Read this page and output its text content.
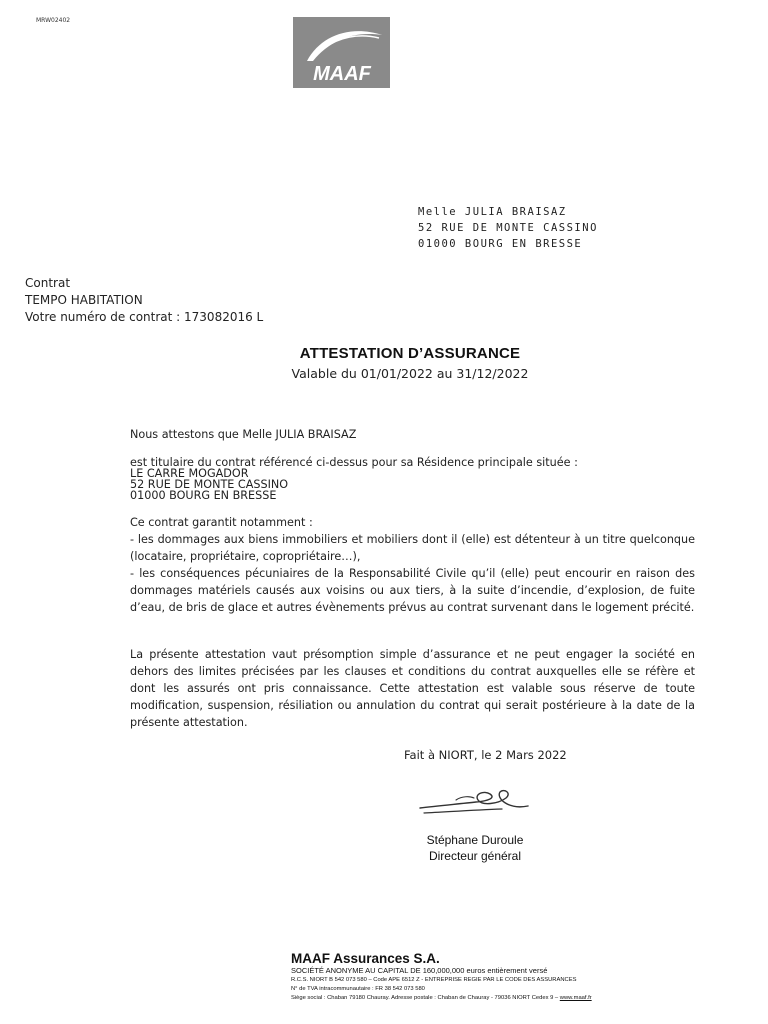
MRW02402
MAAF
Melle JULIA BRAISAZ
52 RUE DE MONTE CASSINO
01000 BOURG EN BRESSE
Contrat
TEMPO HABITATION
Votre numéro de contrat : 173082016 L
ATTESTATION D’ASSURANCE
Valable du 01/01/2022 au 31/12/2022
Nous attestons que Melle JULIA BRAISAZ
est titulaire du contrat référencé ci-dessus pour sa Résidence principale située :
LE CARRE MOGADOR
52 RUE DE MONTE CASSINO
01000 BOURG EN BRESSE
Ce contrat garantit notamment :
- les dommages aux biens immobiliers et mobiliers dont il (elle) est détenteur à un titre quelconque (locataire, propriétaire, copropriétaire…),
- les conséquences pécuniaires de la Responsabilité Civile qu’il (elle) peut encourir en raison des dommages matériels causés aux voisins ou aux tiers, à la suite d’incendie, d’explosion, de fuite d’eau, de bris de glace et autres évènements prévus au contrat survenant dans le logement précité.
La présente attestation vaut présomption simple d’assurance et ne peut engager la société en dehors des limites précisées par les clauses et conditions du contrat auxquelles elle se réfère et dont les assurés ont pris connaissance. Cette attestation est valable sous réserve de toute modification, suspension, résiliation ou annulation du contrat qui serait postérieure à la date de la présente attestation.
Fait à NIORT, le 2 Mars 2022
Stéphane Duroule
Directeur général
MAAF Assurances S.A.
SOCIÉTÉ ANONYME AU CAPITAL DE 160,000,000 euros entièrement versé
R.C.S. NIORT B 542 073 580 – Code APE 6512 Z - ENTREPRISE REGIE PAR LE CODE DES ASSURANCES
N° de TVA intracommunautaire : FR 38 542 073 580
Siège social : Chaban 79180 Chauray. Adresse postale : Chaban de Chauray - 79036 NIORT Cedex 9 – www.maaf.fr
